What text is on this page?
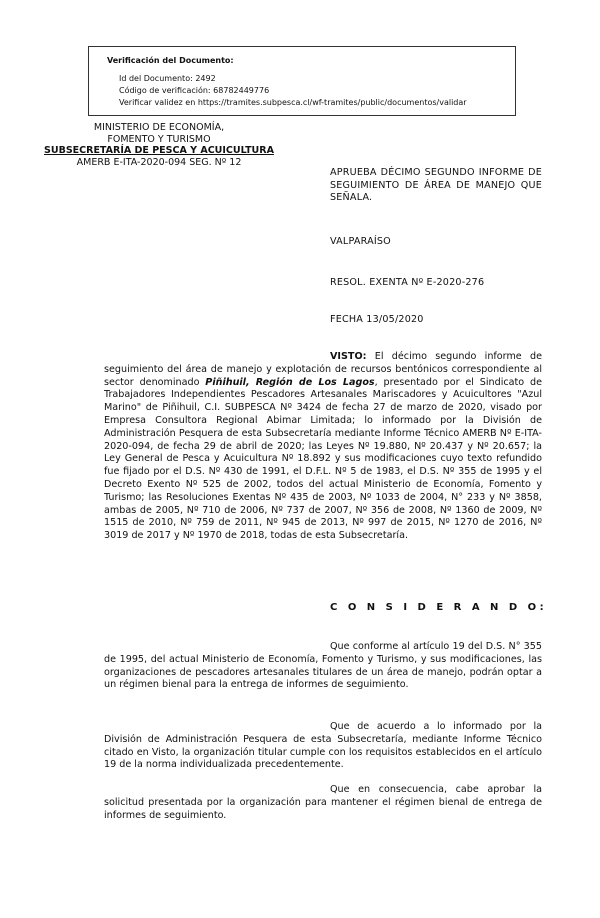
Verificación del Documento:
• Id del Documento: 2492
• Código de verificación: 68782449776
• Verificar validez en https://tramites.subpesca.cl/wf-tramites/public/documentos/validar
MINISTERIO DE ECONOMÍA,
FOMENTO Y TURISMO
SUBSECRETARÍA DE PESCA Y ACUICULTURA
AMERB E-ITA-2020-094 SEG. Nº 12
APRUEBA DÉCIMO SEGUNDO INFORME DE SEGUIMIENTO DE ÁREA DE MANEJO QUE SEÑALA.
VALPARAÍSO
RESOL. EXENTA Nº E-2020-276
FECHA 13/05/2020
VISTO: El décimo segundo informe de seguimiento del área de manejo y explotación de recursos bentónicos correspondiente al sector denominado Piñihuil, Región de Los Lagos, presentado por el Sindicato de Trabajadores Independientes Pescadores Artesanales Mariscadores y Acuicultores "Azul Marino" de Piñihuil, C.I. SUBPESCA Nº 3424 de fecha 27 de marzo de 2020, visado por Empresa Consultora Regional Abimar Limitada; lo informado por la División de Administración Pesquera de esta Subsecretaría mediante Informe Técnico AMERB Nº E-ITA-2020-094, de fecha 29 de abril de 2020; las Leyes Nº 19.880, Nº 20.437 y Nº 20.657; la Ley General de Pesca y Acuicultura Nº 18.892 y sus modificaciones cuyo texto refundido fue fijado por el D.S. Nº 430 de 1991, el D.F.L. Nº 5 de 1983, el D.S. Nº 355 de 1995 y el Decreto Exento Nº 525 de 2002, todos del actual Ministerio de Economía, Fomento y Turismo; las Resoluciones Exentas Nº 435 de 2003, Nº 1033 de 2004, N° 233 y Nº 3858, ambas de 2005, Nº 710 de 2006, Nº 737 de 2007, Nº 356 de 2008, Nº 1360 de 2009, Nº 1515 de 2010, Nº 759 de 2011, Nº 945 de 2013, Nº 997 de 2015, Nº 1270 de 2016, Nº 3019 de 2017 y Nº 1970 de 2018, todas de esta Subsecretaría.
C O N S I D E R A N D O:
Que conforme al artículo 19 del D.S. N° 355 de 1995, del actual Ministerio de Economía, Fomento y Turismo, y sus modificaciones, las organizaciones de pescadores artesanales titulares de un área de manejo, podrán optar a un régimen bienal para la entrega de informes de seguimiento.
Que de acuerdo a lo informado por la División de Administración Pesquera de esta Subsecretaría, mediante Informe Técnico citado en Visto, la organización titular cumple con los requisitos establecidos en el artículo 19 de la norma individualizada precedentemente.
Que en consecuencia, cabe aprobar la solicitud presentada por la organización para mantener el régimen bienal de entrega de informes de seguimiento.
